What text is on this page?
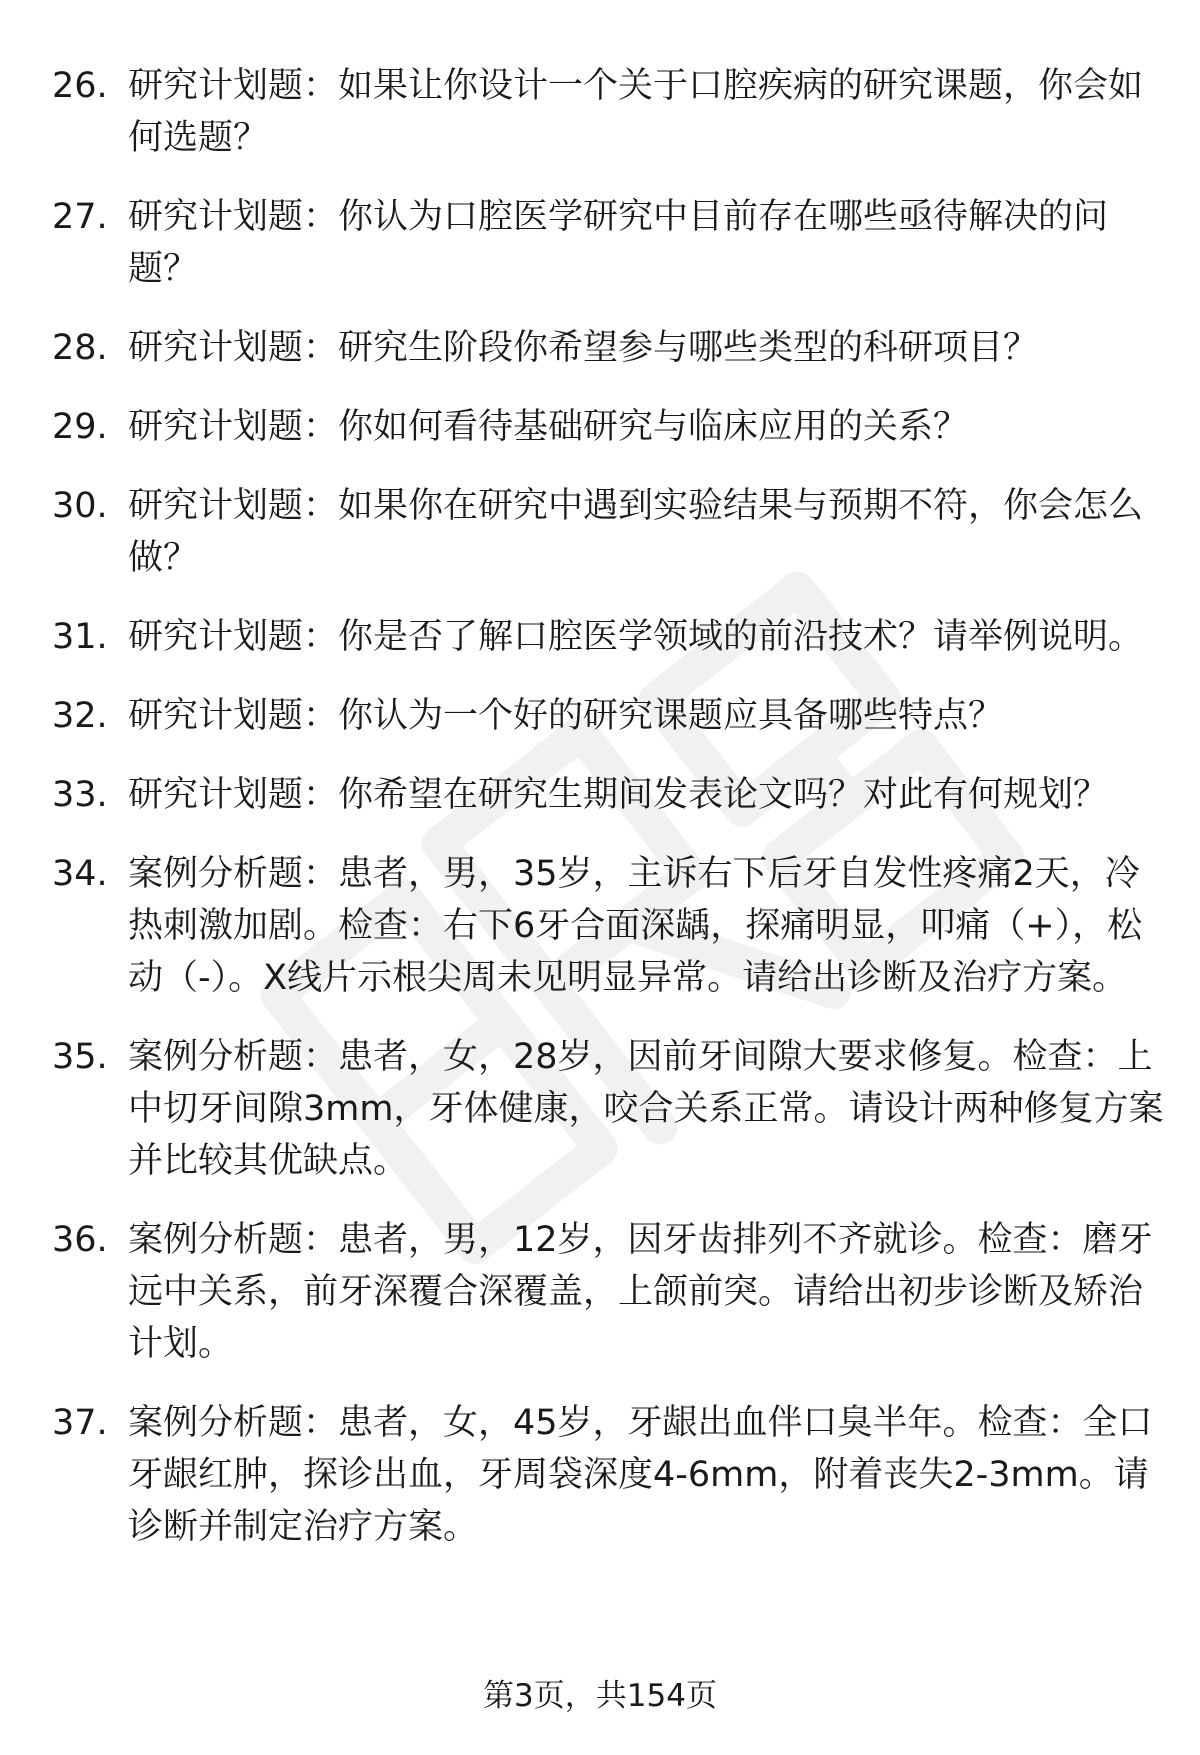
26. 研究计划题：如果让你设计一个关于口腔疾病的研究课题，你会如何选题？
27. 研究计划题：你认为口腔医学研究中目前存在哪些亟待解决的问题？
28. 研究计划题：研究生阶段你希望参与哪些类型的科研项目？
29. 研究计划题：你如何看待基础研究与临床应用的关系？
30. 研究计划题：如果你在研究中遇到实验结果与预期不符，你会怎么做？
31. 研究计划题：你是否了解口腔医学领域的前沿技术？请举例说明。
32. 研究计划题：你认为一个好的研究课题应具备哪些特点？
33. 研究计划题：你希望在研究生期间发表论文吗？对此有何规划？
34. 案例分析题：患者，男，35岁，主诉右下后牙自发性疼痛2天，冷热刺激加剧。检查：右下6牙合面深龋，探痛明显，叩痛（+），松动（-）。X线片示根尖周未见明显异常。请给出诊断及治疗方案。
35. 案例分析题：患者，女，28岁，因前牙间隙大要求修复。检查：上中切牙间隙3mm，牙体健康，咬合关系正常。请设计两种修复方案并比较其优缺点。
36. 案例分析题：患者，男，12岁，因牙齿排列不齐就诊。检查：磨牙远中关系，前牙深覆合深覆盖，上颌前突。请给出初步诊断及矫治计划。
37. 案例分析题：患者，女，45岁，牙龈出血伴口臭半年。检查：全口牙龈红肿，探诊出血，牙周袋深度4-6mm，附着丧失2-3mm。请诊断并制定治疗方案。
第3页，共154页
